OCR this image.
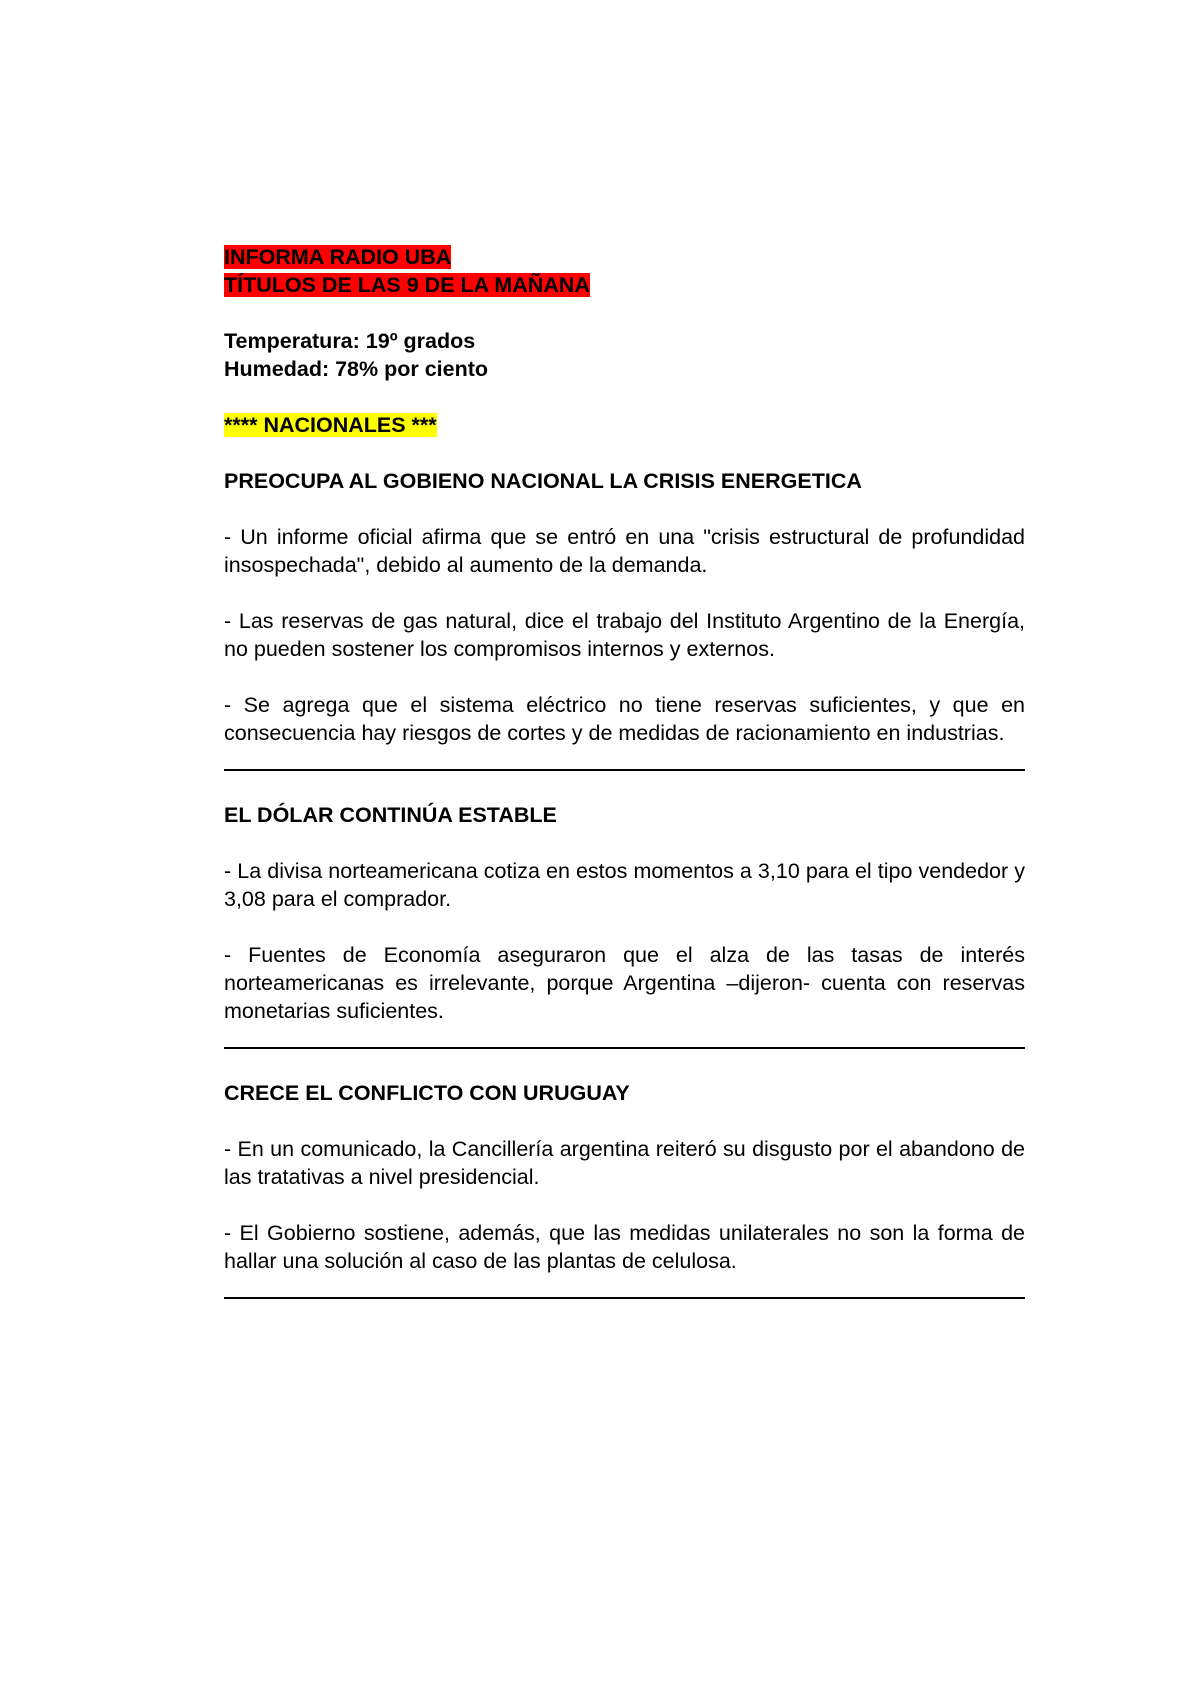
INFORMA RADIO UBA
TÍTULOS DE LAS 9 DE LA MAÑANA
Temperatura: 19º grados
Humedad: 78% por ciento
**** NACIONALES ***

PREOCUPA AL GOBIENO NACIONAL LA CRISIS ENERGETICA

- Un informe oficial afirma que se entró en una "crisis estructural de profundidad insospechada", debido al aumento de la demanda.

- Las reservas de gas natural, dice el trabajo del Instituto Argentino de la Energía, no pueden sostener los compromisos internos y externos.

- Se agrega que el sistema eléctrico no tiene reservas suficientes, y que en consecuencia hay riesgos de cortes y de medidas de racionamiento en industrias.

EL DÓLAR CONTINÚA ESTABLE

- La divisa norteamericana cotiza en estos momentos a 3,10 para el tipo vendedor y 3,08 para el comprador.

- Fuentes de Economía aseguraron que el alza de las tasas de interés norteamericanas es irrelevante, porque Argentina –dijeron- cuenta con reservas monetarias suficientes.

CRECE EL CONFLICTO CON URUGUAY

- En un comunicado, la Cancillería argentina reiteró su disgusto por el abandono de las tratativas a nivel presidencial.

- El Gobierno sostiene, además, que las medidas unilaterales no son la forma de hallar una solución al caso de las plantas de celulosa.
